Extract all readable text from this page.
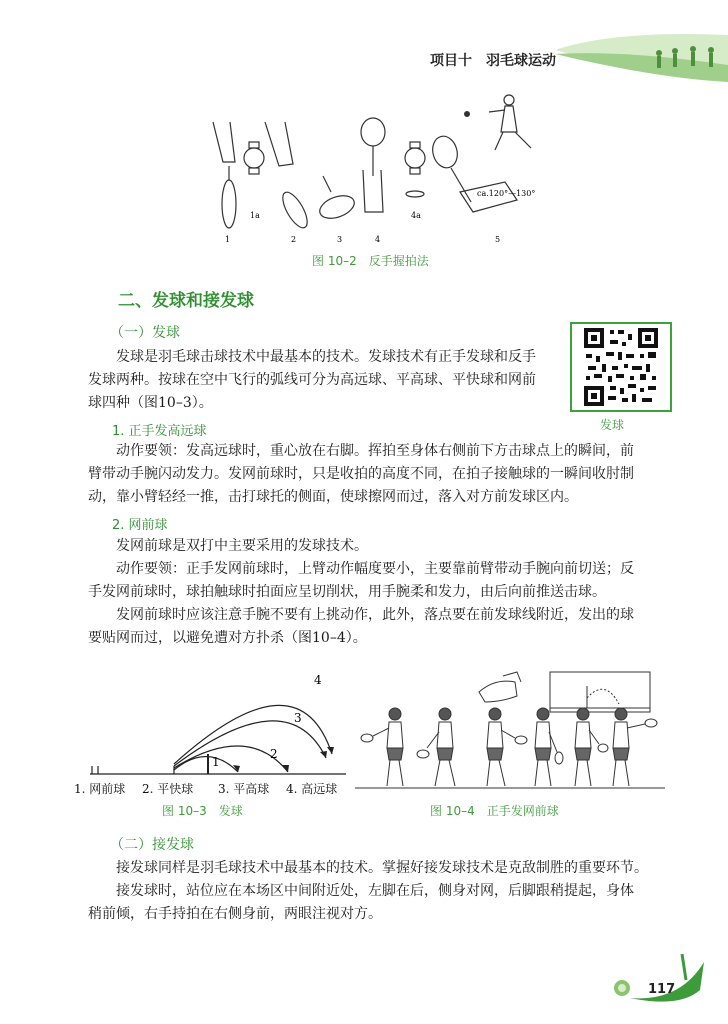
项目十　羽毛球运动
1
1a
2	3	4
4a
5
ca.120°—130°
图 10–2　反手握拍法
二、发球和接发球
（一）发球

发球是羽毛球击球技术中最基本的技术。发球技术有正手发球和反手

发球两种。按球在空中飞行的弧线可分为高远球、平高球、平快球和网前

球四种（图10–3）。

发球
1. 正手发高远球

动作要领：发高远球时，重心放在右脚。挥拍至身体右侧前下方击球点上的瞬间，前

臂带动手腕闪动发力。发网前球时，只是收拍的高度不同，在拍子接触球的一瞬间收肘制

动，靠小臂轻经一推，击打球托的侧面，使球擦网而过，落入对方前发球区内。

2. 网前球

发网前球是双打中主要采用的发球技术。

动作要领：正手发网前球时，上臂动作幅度要小，主要靠前臂带动手腕向前切送；反

手发网前球时，球拍触球时拍面应呈切削状，用手腕柔和发力，由后向前推送击球。

发网前球时应该注意手腕不要有上挑动作，此外，落点要在前发球线附近，发出的球

要贴网而过，以避免遭对方扑杀（图10–4）。

1
2
3
4
1. 网前球 2. 平快球 3. 平高球 4. 高远球
图 10–3　发球	图 10–4　正手发网前球
（二）接发球

接发球同样是羽毛球技术中最基本的技术。掌握好接发球技术是克敌制胜的重要环节。

接发球时，站位应在本场区中间附近处，左脚在后，侧身对网，后脚跟稍提起，身体

稍前倾，右手持拍在右侧身前，两眼注视对方。

117
